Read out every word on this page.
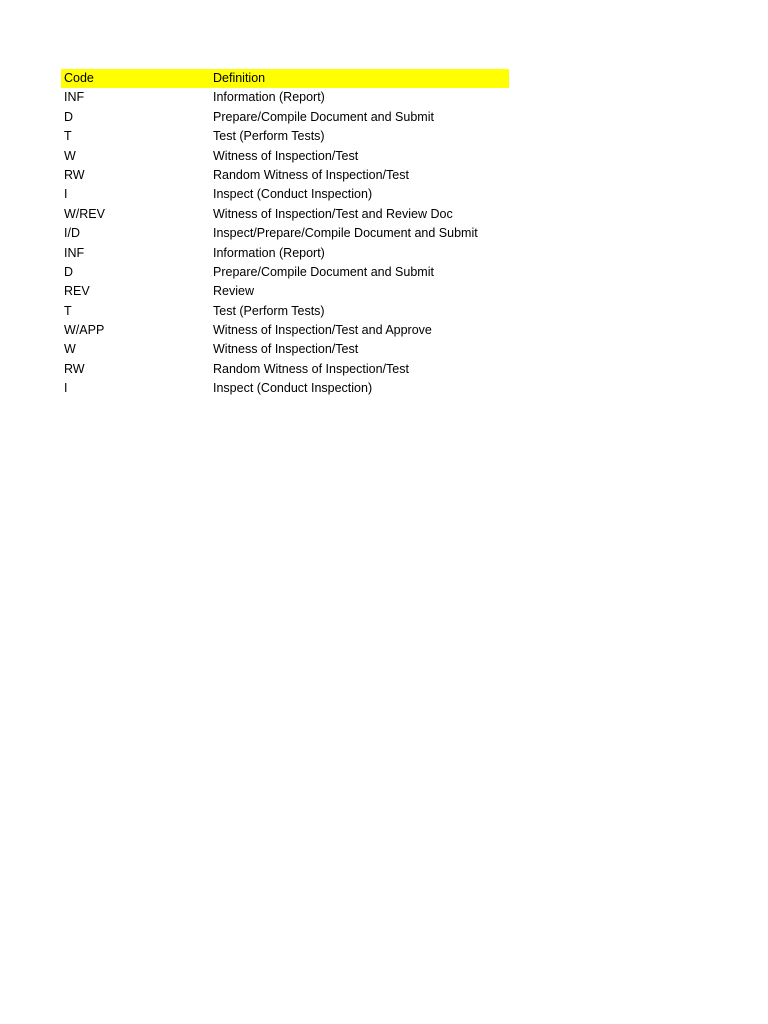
Code	Definition
INF	Information (Report)
D	Prepare/Compile Document and Submit
T	Test (Perform Tests)
W	Witness of Inspection/Test
RW	Random Witness of Inspection/Test
I	Inspect (Conduct Inspection)
W/REV	Witness of Inspection/Test and Review Doc
I/D	Inspect/Prepare/Compile Document and Submit
INF	Information (Report)
D	Prepare/Compile Document and Submit
REV	Review
T	Test (Perform Tests)
W/APP	Witness of Inspection/Test and Approve
W	Witness of Inspection/Test
RW	Random Witness of Inspection/Test
I	Inspect (Conduct Inspection)
